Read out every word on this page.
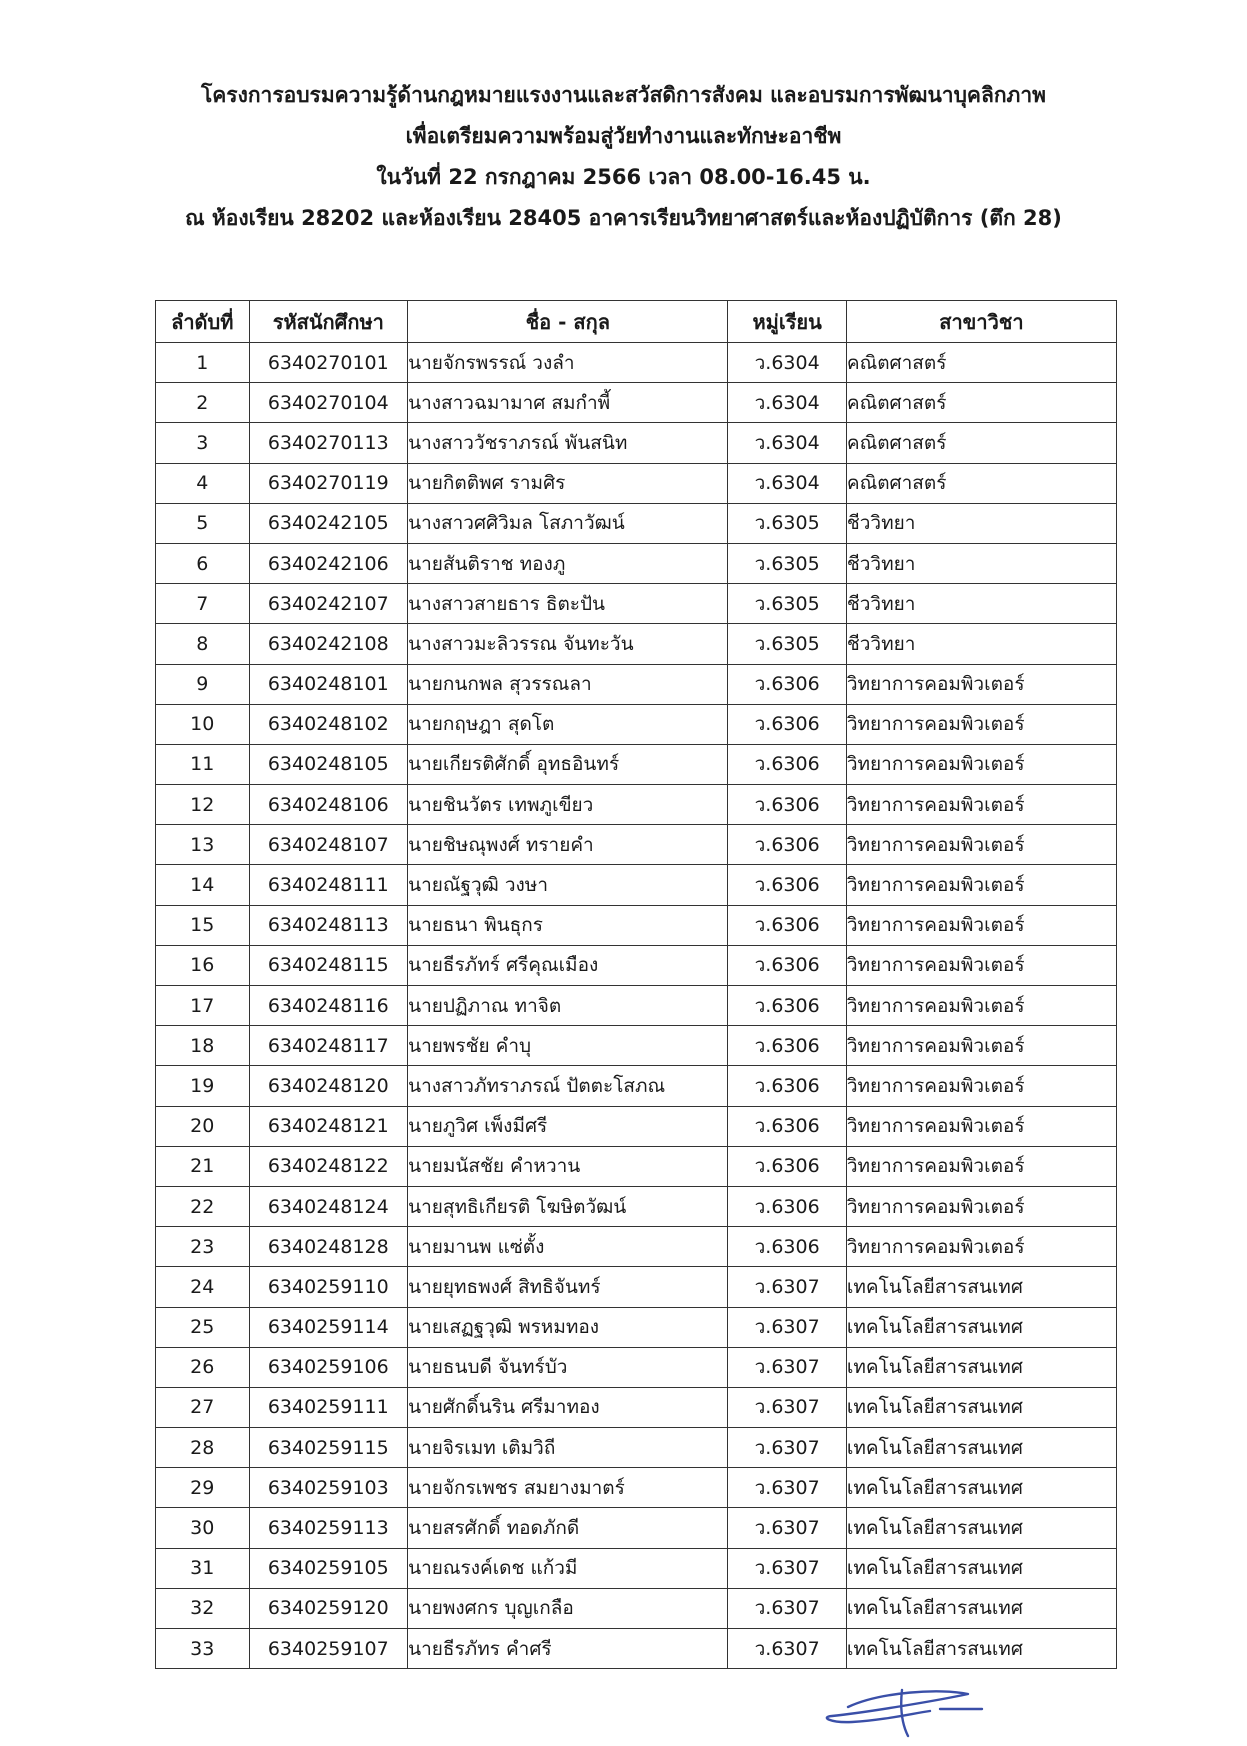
โครงการอบรมความรู้ด้านกฎหมายแรงงานและสวัสดิการสังคม และอบรมการพัฒนาบุคลิกภาพ
เพื่อเตรียมความพร้อมสู่วัยทำงานและทักษะอาชีพ
ในวันที่ 22 กรกฎาคม 2566 เวลา 08.00-16.45 น.
ณ ห้องเรียน 28202 และห้องเรียน 28405 อาคารเรียนวิทยาศาสตร์และห้องปฏิบัติการ (ตึก 28)
ลำดับที่	รหัสนักศึกษา	ชื่อ - สกุล	หมู่เรียน	สาขาวิชา
1	6340270101	นายจักรพรรณ์ วงลำ	ว.6304	คณิตศาสตร์
2	6340270104	นางสาวฉมามาศ สมกำพี้	ว.6304	คณิตศาสตร์
3	6340270113	นางสาววัชราภรณ์ พันสนิท	ว.6304	คณิตศาสตร์
4	6340270119	นายกิตติพศ รามศิร	ว.6304	คณิตศาสตร์
5	6340242105	นางสาวศศิวิมล โสภาวัฒน์	ว.6305	ชีววิทยา
6	6340242106	นายสันติราช ทองภู	ว.6305	ชีววิทยา
7	6340242107	นางสาวสายธาร ธิตะปัน	ว.6305	ชีววิทยา
8	6340242108	นางสาวมะลิวรรณ จันทะวัน	ว.6305	ชีววิทยา
9	6340248101	นายกนกพล สุวรรณลา	ว.6306	วิทยาการคอมพิวเตอร์
10	6340248102	นายกฤษฎา สุดโต	ว.6306	วิทยาการคอมพิวเตอร์
11	6340248105	นายเกียรติศักดิ์ อุทธอินทร์	ว.6306	วิทยาการคอมพิวเตอร์
12	6340248106	นายชินวัตร เทพภูเขียว	ว.6306	วิทยาการคอมพิวเตอร์
13	6340248107	นายชิษณุพงศ์ ทรายคำ	ว.6306	วิทยาการคอมพิวเตอร์
14	6340248111	นายณัฐวุฒิ วงษา	ว.6306	วิทยาการคอมพิวเตอร์
15	6340248113	นายธนา พินธุกร	ว.6306	วิทยาการคอมพิวเตอร์
16	6340248115	นายธีรภัทร์ ศรีคุณเมือง	ว.6306	วิทยาการคอมพิวเตอร์
17	6340248116	นายปฏิภาณ ทาจิต	ว.6306	วิทยาการคอมพิวเตอร์
18	6340248117	นายพรชัย คำบุ	ว.6306	วิทยาการคอมพิวเตอร์
19	6340248120	นางสาวภัทราภรณ์ ปัตตะโสภณ	ว.6306	วิทยาการคอมพิวเตอร์
20	6340248121	นายภูวิศ เพ็งมีศรี	ว.6306	วิทยาการคอมพิวเตอร์
21	6340248122	นายมนัสชัย คำหวาน	ว.6306	วิทยาการคอมพิวเตอร์
22	6340248124	นายสุทธิเกียรติ โฆษิตวัฒน์	ว.6306	วิทยาการคอมพิวเตอร์
23	6340248128	นายมานพ แซ่ตั้ง	ว.6306	วิทยาการคอมพิวเตอร์
24	6340259110	นายยุทธพงศ์ สิทธิจันทร์	ว.6307	เทคโนโลยีสารสนเทศ
25	6340259114	นายเสฏฐวุฒิ พรหมทอง	ว.6307	เทคโนโลยีสารสนเทศ
26	6340259106	นายธนบดี จันทร์บัว	ว.6307	เทคโนโลยีสารสนเทศ
27	6340259111	นายศักดิ์นริน ศรีมาทอง	ว.6307	เทคโนโลยีสารสนเทศ
28	6340259115	นายจิรเมท เติมวิถี	ว.6307	เทคโนโลยีสารสนเทศ
29	6340259103	นายจักรเพชร สมยางมาตร์	ว.6307	เทคโนโลยีสารสนเทศ
30	6340259113	นายสรศักดิ์ ทอดภักดี	ว.6307	เทคโนโลยีสารสนเทศ
31	6340259105	นายณรงค์เดช แก้วมี	ว.6307	เทคโนโลยีสารสนเทศ
32	6340259120	นายพงศกร บุญเกลือ	ว.6307	เทคโนโลยีสารสนเทศ
33	6340259107	นายธีรภัทร คำศรี	ว.6307	เทคโนโลยีสารสนเทศ
